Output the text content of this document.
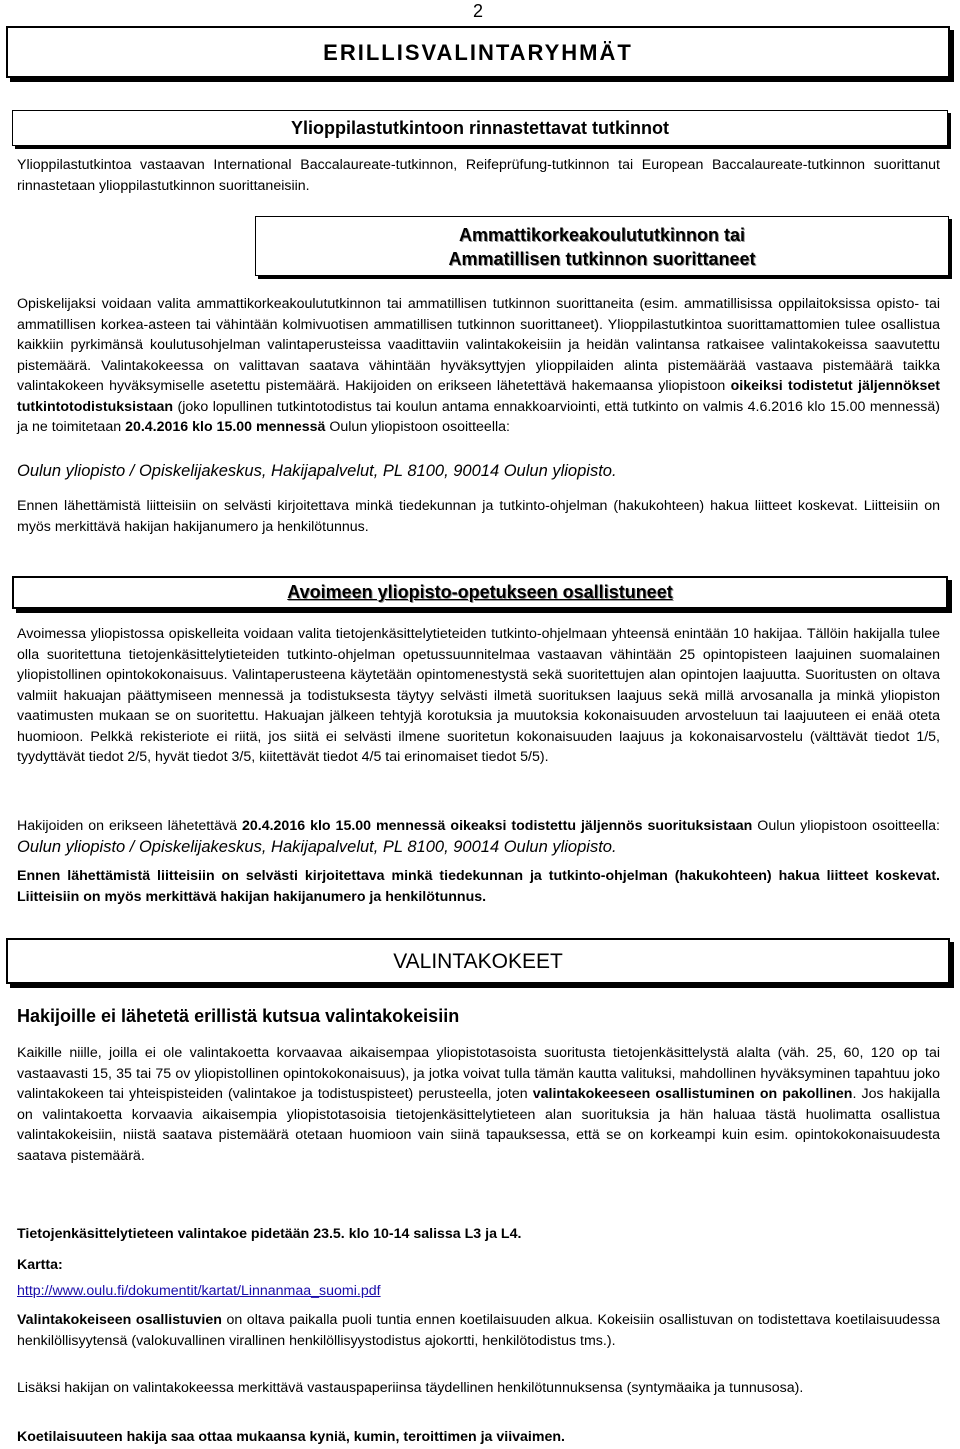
2
ERILLISVALINTARYHMÄT
Ylioppilastutkintoon rinnastettavat tutkinnot

Ylioppilastutkintoa vastaavan International Baccalaureate-tutkinnon, Reifeprüfung-tutkinnon tai European Baccalaureate-tutkinnon suorittanut rinnastetaan ylioppilastutkinnon suorittaneisiin.

Ammattikorkeakoulututkinnon tai
Ammatillisen tutkinnon suorittaneet

Opiskelijaksi voidaan valita ammattikorkeakoulututkinnon tai ammatillisen tutkinnon suorittaneita (esim. ammatillisissa oppilaitoksissa opisto- tai ammatillisen korkea-asteen tai vähintään kolmivuotisen ammatillisen tutkinnon suorittaneet). Ylioppilastutkintoa suorittamattomien tulee osallistua kaikkiin pyrkimänsä koulutusohjelman valintaperusteissa vaadittaviin valintakokeisiin ja heidän valintansa ratkaisee valintakokeissa saavutettu pistemäärä. Valintakokeessa on valittavan saatava vähintään hyväksyttyjen ylioppilaiden alinta pistemäärää vastaava pistemäärä taikka valintakokeen hyväksymiselle asetettu pistemäärä. Hakijoiden on erikseen lähetettävä hakemaansa yliopistoon oikeiksi todistetut jäljennökset tutkintotodistuksistaan (joko lopullinen tutkintotodistus tai koulun antama ennakkoarviointi, että tutkinto on valmis 4.6.2016 klo 15.00 mennessä) ja ne toimitetaan 20.4.2016 klo 15.00 mennessä Oulun yliopistoon osoitteella:

Oulun yliopisto / Opiskelijakeskus, Hakijapalvelut, PL 8100, 90014 Oulun yliopisto.

Ennen lähettämistä liitteisiin on selvästi kirjoitettava minkä tiedekunnan ja tutkinto-ohjelman (hakukohteen) hakua liitteet koskevat. Liitteisiin on myös merkittävä hakijan hakijanumero ja henkilötunnus.

Avoimeen yliopisto-opetukseen osallistuneet

Avoimessa yliopistossa opiskelleita voidaan valita tietojenkäsittelytieteiden tutkinto-ohjelmaan yhteensä enintään 10 hakijaa. Tällöin hakijalla tulee olla suoritettuna tietojenkäsittelytieteiden tutkinto-ohjelman opetussuunnitelmaa vastaavan vähintään 25 opintopisteen laajuinen suomalainen yliopistollinen opintokokonaisuus. Valintaperusteena käytetään opintomenestystä sekä suoritettujen alan opintojen laajuutta. Suoritusten on oltava valmiit hakuajan päättymiseen mennessä ja todistuksesta täytyy selvästi ilmetä suorituksen laajuus sekä millä arvosanalla ja minkä yliopiston vaatimusten mukaan se on suoritettu. Hakuajan jälkeen tehtyjä korotuksia ja muutoksia kokonaisuuden arvosteluun tai laajuuteen ei enää oteta huomioon. Pelkkä rekisteriote ei riitä, jos siitä ei selvästi ilmene suoritetun kokonaisuuden laajuus ja kokonaisarvostelu (välttävät tiedot 1/5, tyydyttävät tiedot 2/5, hyvät tiedot 3/5, kiitettävät tiedot 4/5 tai erinomaiset tiedot 5/5).

Hakijoiden on erikseen lähetettävä 20.4.2016 klo 15.00 mennessä oikeaksi todistettu jäljennös suorituksistaan Oulun yliopistoon osoitteella: Oulun yliopisto / Opiskelijakeskus, Hakijapalvelut, PL 8100, 90014 Oulun yliopisto.

Ennen lähettämistä liitteisiin on selvästi kirjoitettava minkä tiedekunnan ja tutkinto-ohjelman (hakukohteen) hakua liitteet koskevat. Liitteisiin on myös merkittävä hakijan hakijanumero ja henkilötunnus.

VALINTAKOKEET
Hakijoille ei lähetetä erillistä kutsua valintakokeisiin

Kaikille niille, joilla ei ole valintakoetta korvaavaa aikaisempaa yliopistotasoista suoritusta tietojenkäsittelystä alalta (väh. 25, 60, 120 op tai vastaavasti 15, 35 tai 75 ov yliopistollinen opintokokonaisuus), ja jotka voivat tulla tämän kautta valituksi, mahdollinen hyväksyminen tapahtuu joko valintakokeen tai yhteispisteiden (valintakoe ja todistuspisteet) perusteella, joten valintakokeeseen osallistuminen on pakollinen. Jos hakijalla on valintakoetta korvaavia aikaisempia yliopistotasoisia tietojenkäsittelytieteen alan suorituksia ja hän haluaa tästä huolimatta osallistua valintakokeisiin, niistä saatava pistemäärä otetaan huomioon vain siinä tapauksessa, että se on korkeampi kuin esim. opintokokonaisuudesta saatava pistemäärä.

Tietojenkäsittelytieteen valintakoe pidetään 23.5. klo 10-14 salissa L3 ja L4.

Kartta:

http://www.oulu.fi/dokumentit/kartat/Linnanmaa_suomi.pdf

Valintakokeiseen osallistuvien on oltava paikalla puoli tuntia ennen koetilaisuuden alkua. Kokeisiin osallistuvan on todistettava koetilaisuudessa henkilöllisyytensä (valokuvallinen virallinen henkilöllisyystodistus ajokortti, henkilötodistus tms.).

Lisäksi hakijan on valintakokeessa merkittävä vastauspaperiinsa täydellinen henkilötunnuksensa (syntymäaika ja tunnusosa).

Koetilaisuuteen hakija saa ottaa mukaansa kyniä, kumin, teroittimen ja viivaimen.
